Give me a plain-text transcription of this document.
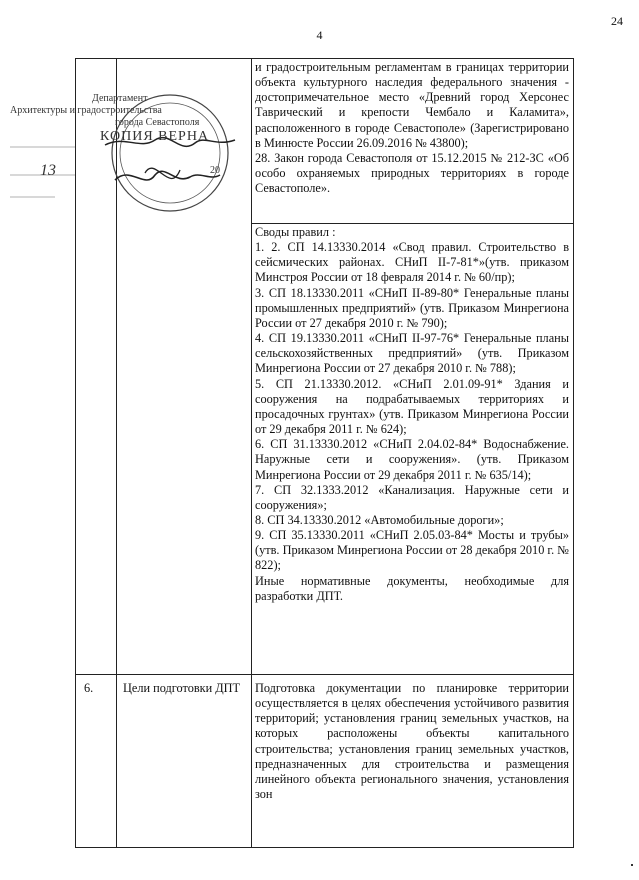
24
4

и градостроительным регламентам в границах территории объекта культурного наследия федерального значения - достопримечательное место «Древний город Херсонес Таврический и крепости Чембало и Каламита», расположенного в городе Севастополе» (Зарегистрировано в Минюсте России 26.09.2016 № 43800);

28. Закон города Севастополя от 15.12.2015 № 212-ЗС «Об особо охраняемых природных территориях в городе Севастополе».

Своды правил :

1. 2. СП 14.13330.2014 «Свод правил. Строительство в сейсмических районах. СНиП II-7-81*»(утв. приказом Минстроя России от 18 февраля 2014 г. № 60/пр);

3. СП 18.13330.2011 «СНиП II-89-80* Генеральные планы промышленных предприятий» (утв. Приказом Минрегиона России от 27 декабря 2010 г. № 790);

4. СП 19.13330.2011 «СНиП II-97-76* Генеральные планы сельскохозяйственных предприятий» (утв. Приказом Минрегиона России от 27 декабря 2010 г. № 788);

5. СП 21.13330.2012. «СНиП 2.01.09-91* Здания и сооружения на подрабатываемых территориях и просадочных грунтах» (утв. Приказом Минрегиона России от 29 декабря 2011 г. № 624);

6. СП 31.13330.2012 «СНиП 2.04.02-84* Водоснабжение. Наружные сети и сооружения». (утв. Приказом Минрегиона России от 29 декабря 2011 г. № 635/14);

7. СП 32.1333.2012 «Канализация. Наружные сети и сооружения»;

8. СП 34.13330.2012 «Автомобильные дороги»;

9. СП 35.13330.2011 «СНиП 2.05.03-84* Мосты и трубы» (утв. Приказом Минрегиона России от 28 декабря 2010 г. № 822);

Иные нормативные документы, необходимые для разработки ДПТ.

6. Цели подготовки ДПТ	Подготовка документации по планировке территории осуществляется в целях обеспечения устойчивого развития территорий; установления границ земельных участков, на которых расположены объекты капитального строительства; установления границ земельных участков, предназначенных для строительства и размещения линейного объекта регионального значения, установления зон

Департамент
Архитектуры и градостроительства
города Севастополя
КОПИЯ ВЕРНА
13	20
